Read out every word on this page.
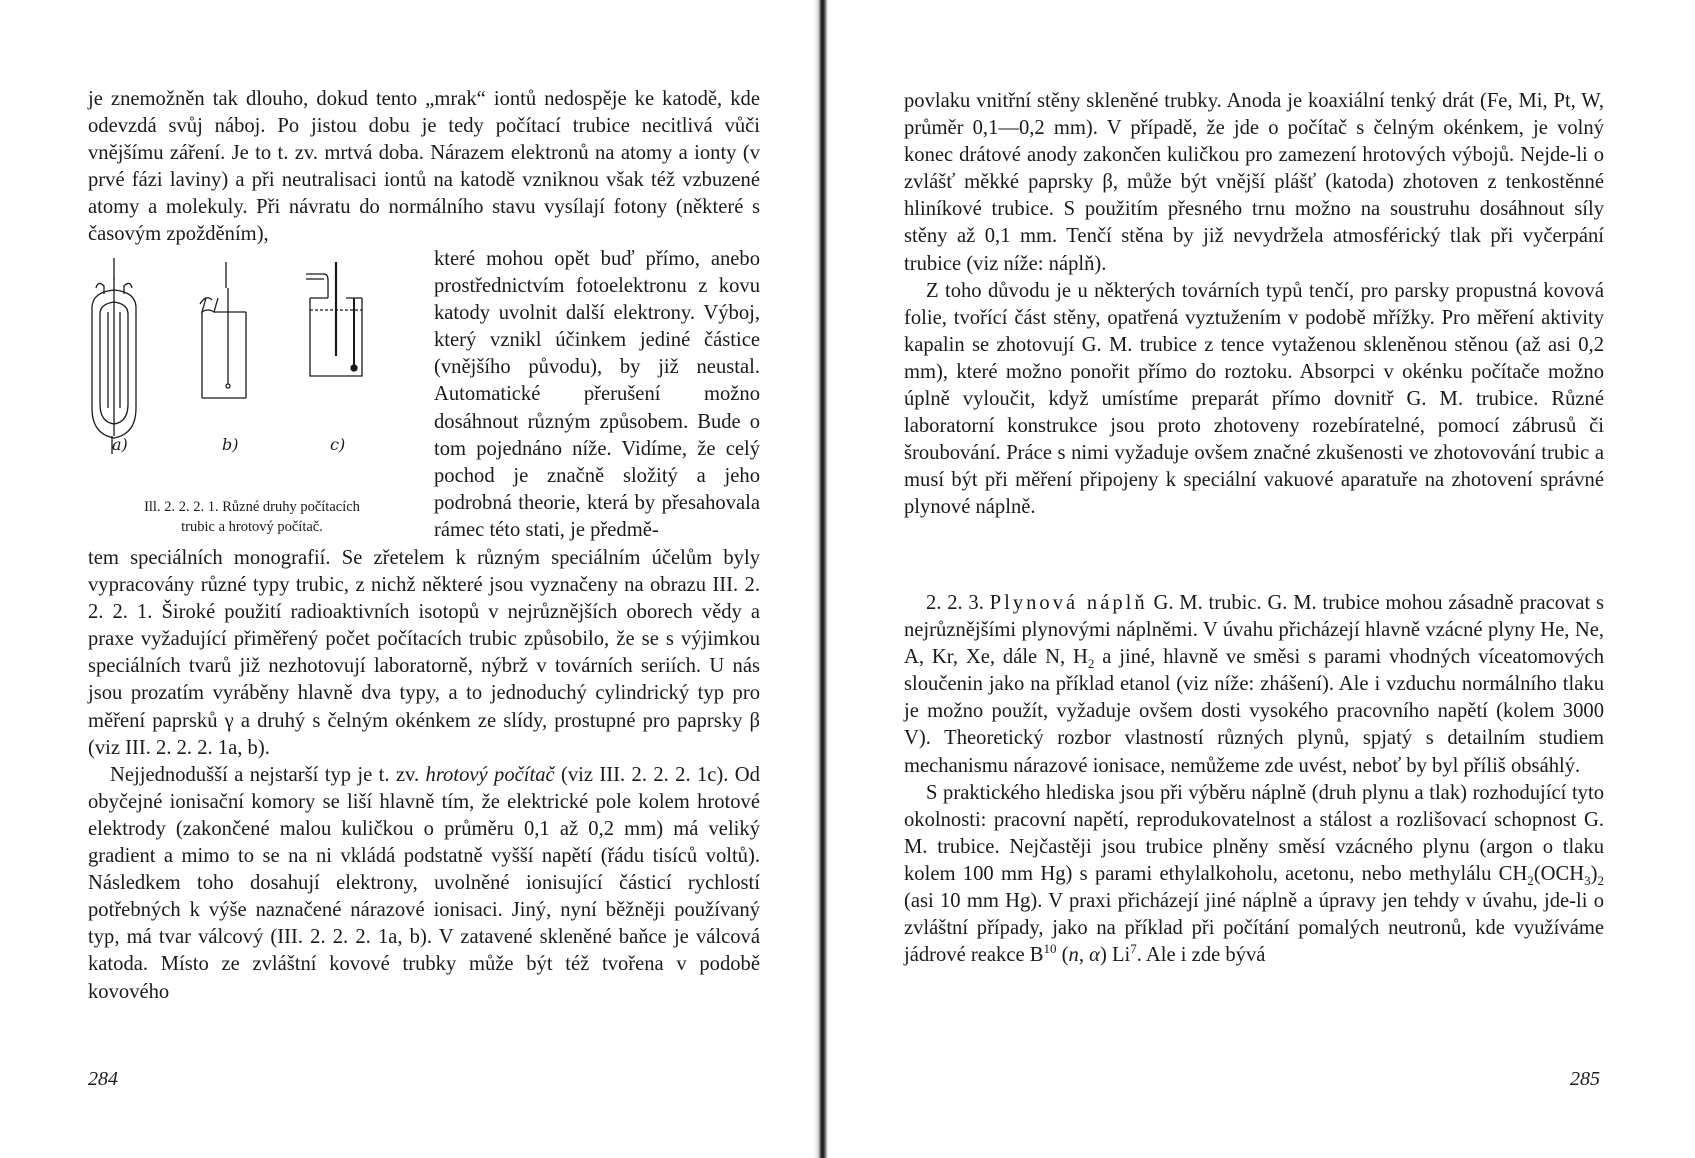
je znemožněn tak dlouho, dokud tento „mrak“ iontů nedospěje ke katodě, kde odevzdá svůj náboj. Po jistou dobu je tedy počítací trubice necitlivá vůči vnějšímu záření. Je to t. zv. mrtvá doba. Nárazem elektronů na atomy a ionty (v prvé fázi laviny) a při neutralisaci iontů na katodě vzniknou však též vzbuzené atomy a molekuly. Při návratu do normálního stavu vysílají fotony (některé s časovým zpožděním),

a)	b)	c)
Ill. 2. 2. 2. 1. Různé druhy počítacích
trubic a hrotový počítač.

které mohou opět buď přímo, anebo prostřednictvím fotoelektronu z kovu katody uvolnit další elektrony. Výboj, který vznikl účinkem jediné částice (vnějšího původu), by již neustal. Automatické přerušení možno dosáhnout různým způsobem. Bude o tom pojednáno níže. Vidíme, že celý pochod je značně složitý a jeho podrobná theorie, která by přesahovala rámec této stati, je předmě-

tem speciálních monografií. Se zřetelem k různým speciálním účelům byly vypracovány různé typy trubic, z nichž některé jsou vyznačeny na obrazu III. 2. 2. 2. 1. Široké použití radioaktivních isotopů v nejrůznějších oborech vědy a praxe vyžadující přiměřený počet počítacích trubic způsobilo, že se s výjimkou speciálních tvarů již nezhotovují laboratorně, nýbrž v továrních seriích. U nás jsou prozatím vyráběny hlavně dva typy, a to jednoduchý cylindrický typ pro měření paprsků γ a druhý s čelným okénkem ze slídy, prostupné pro paprsky β (viz III. 2. 2. 2. 1a, b).

Nejjednodušší a nejstarší typ je t. zv. hrotový počítač (viz III. 2. 2. 2. 1c). Od obyčejné ionisační komory se liší hlavně tím, že elektrické pole kolem hrotové elektrody (zakončené malou kuličkou o průměru 0,1 až 0,2 mm) má veliký gradient a mimo to se na ni vkládá podstatně vyšší napětí (řádu tisíců voltů). Následkem toho dosahují elektrony, uvolněné ionisující částicí rychlostí potřebných k výše naznačené nárazové ionisaci. Jiný, nyní běžněji používaný typ, má tvar válcový (III. 2. 2. 2. 1a, b). V zatavené skleněné baňce je válcová katoda. Místo ze zvláštní kovové trubky může být též tvořena v podobě kovového

284

povlaku vnitřní stěny skleněné trubky. Anoda je koaxiální tenký drát (Fe, Mi, Pt, W, průměr 0,1—0,2 mm). V případě, že jde o počítač s čelným okénkem, je volný konec drátové anody zakončen kuličkou pro zamezení hrotových výbojů. Nejde-li o zvlášť měkké paprsky β, může být vnější plášť (katoda) zhotoven z tenkostěnné hliníkové trubice. S použitím přesného trnu možno na soustruhu dosáhnout síly stěny až 0,1 mm. Tenčí stěna by již nevydržela atmosférický tlak při vyčerpání trubice (viz níže: náplň).

Z toho důvodu je u některých továrních typů tenčí, pro parsky propustná kovová folie, tvořící část stěny, opatřená vyztužením v podobě mřížky. Pro měření aktivity kapalin se zhotovují G. M. trubice z tence vytaženou skleněnou stěnou (až asi 0,2 mm), které možno ponořit přímo do roztoku. Absorpci v okénku počítače možno úplně vyloučit, když umístíme preparát přímo dovnitř G. M. trubice. Různé laboratorní konstrukce jsou proto zhotoveny rozebíratelné, pomocí zábrusů či šroubování. Práce s nimi vyžaduje ovšem značné zkušenosti ve zhotovování trubic a musí být při měření připojeny k speciální vakuové aparatuře na zhotovení správné plynové náplně.

2. 2. 3. Plynová náplň G. M. trubic. G. M. trubice mohou zásadně pracovat s nejrůznějšími plynovými náplněmi. V úvahu přicházejí hlavně vzácné plyny He, Ne, A, Kr, Xe, dále N, $H_2$ a jiné, hlavně ve směsi s parami vhodných víceatomových sloučenin jako na příklad etanol (viz níže: zhášení). Ale i vzduchu normálního tlaku je možno použít, vyžaduje ovšem dosti vysokého pracovního napětí (kolem 3000 V). Theoretický rozbor vlastností různých plynů, spjatý s detailním studiem mechanismu nárazové ionisace, nemůžeme zde uvést, neboť by byl příliš obsáhlý.

S praktického hlediska jsou při výběru náplně (druh plynu a tlak) rozhodující tyto okolnosti: pracovní napětí, reprodukovatelnost a stálost a rozlišovací schopnost G. M. trubice. Nejčastěji jsou trubice plněny směsí vzácného plynu (argon o tlaku kolem 100 mm Hg) s parami ethylalkoholu, acetonu, nebo methylálu $CH_2(OCH_3)_2$ (asi 10 mm Hg). V praxi přicházejí jiné náplně a úpravy jen tehdy v úvahu, jde-li o zvláštní případy, jako na příklad při počítání pomalých neutronů, kde využíváme jádrové reakce $B^{10}$ (n, α) Li$^7$. Ale i zde bývá

285
